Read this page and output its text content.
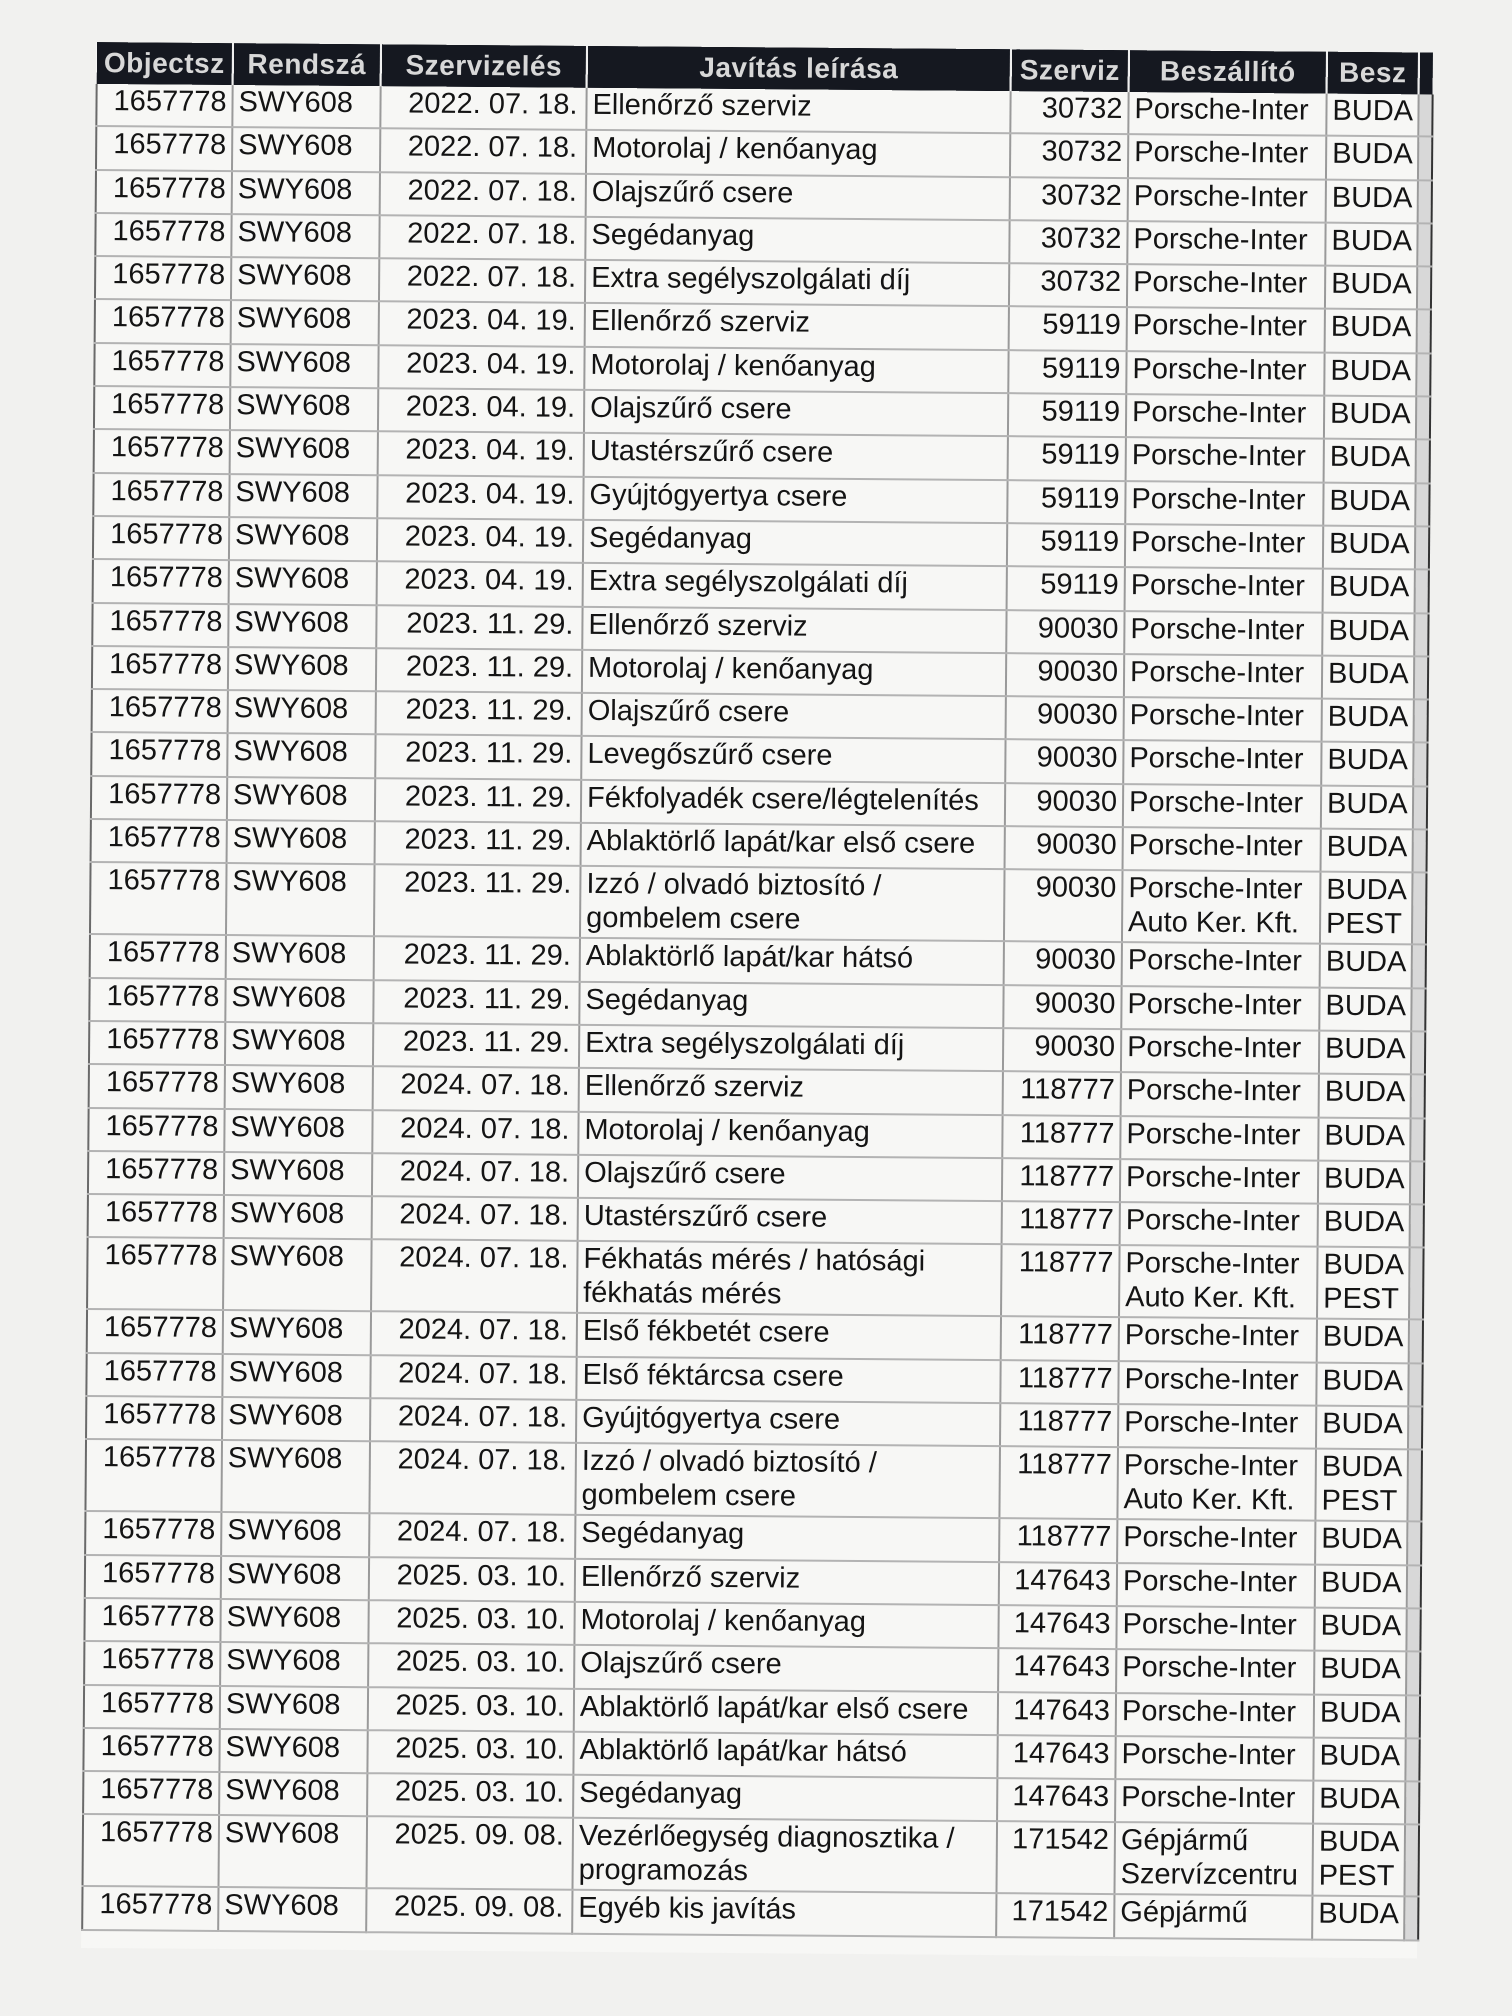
Objectsz	Rendszá	Szervizelés	Javítás leírása	Szerviz	Beszállító	Besz	
1657778	SWY608	2022. 07. 18.	Ellenőrző szerviz	30732	Porsche-Inter	BUDA	
1657778	SWY608	2022. 07. 18.	Motorolaj / kenőanyag	30732	Porsche-Inter	BUDA	
1657778	SWY608	2022. 07. 18.	Olajszűrő csere	30732	Porsche-Inter	BUDA	
1657778	SWY608	2022. 07. 18.	Segédanyag	30732	Porsche-Inter	BUDA	
1657778	SWY608	2022. 07. 18.	Extra segélyszolgálati díj	30732	Porsche-Inter	BUDA	
1657778	SWY608	2023. 04. 19.	Ellenőrző szerviz	59119	Porsche-Inter	BUDA	
1657778	SWY608	2023. 04. 19.	Motorolaj / kenőanyag	59119	Porsche-Inter	BUDA	
1657778	SWY608	2023. 04. 19.	Olajszűrő csere	59119	Porsche-Inter	BUDA	
1657778	SWY608	2023. 04. 19.	Utastérszűrő csere	59119	Porsche-Inter	BUDA	
1657778	SWY608	2023. 04. 19.	Gyújtógyertya csere	59119	Porsche-Inter	BUDA	
1657778	SWY608	2023. 04. 19.	Segédanyag	59119	Porsche-Inter	BUDA	
1657778	SWY608	2023. 04. 19.	Extra segélyszolgálati díj	59119	Porsche-Inter	BUDA	
1657778	SWY608	2023. 11. 29.	Ellenőrző szerviz	90030	Porsche-Inter	BUDA	
1657778	SWY608	2023. 11. 29.	Motorolaj / kenőanyag	90030	Porsche-Inter	BUDA	
1657778	SWY608	2023. 11. 29.	Olajszűrő csere	90030	Porsche-Inter	BUDA	
1657778	SWY608	2023. 11. 29.	Levegőszűrő csere	90030	Porsche-Inter	BUDA	
1657778	SWY608	2023. 11. 29.	Fékfolyadék csere/légtelenítés	90030	Porsche-Inter	BUDA	
1657778	SWY608	2023. 11. 29.	Ablaktörlő lapát/kar első csere	90030	Porsche-Inter	BUDA	
1657778	SWY608	2023. 11. 29.	Izzó / olvadó biztosító / gombelem csere	90030	Porsche-Inter Auto Ker. Kft.	BUDA PEST	
1657778	SWY608	2023. 11. 29.	Ablaktörlő lapát/kar hátsó	90030	Porsche-Inter	BUDA	
1657778	SWY608	2023. 11. 29.	Segédanyag	90030	Porsche-Inter	BUDA	
1657778	SWY608	2023. 11. 29.	Extra segélyszolgálati díj	90030	Porsche-Inter	BUDA	
1657778	SWY608	2024. 07. 18.	Ellenőrző szerviz	118777	Porsche-Inter	BUDA	
1657778	SWY608	2024. 07. 18.	Motorolaj / kenőanyag	118777	Porsche-Inter	BUDA	
1657778	SWY608	2024. 07. 18.	Olajszűrő csere	118777	Porsche-Inter	BUDA	
1657778	SWY608	2024. 07. 18.	Utastérszűrő csere	118777	Porsche-Inter	BUDA	
1657778	SWY608	2024. 07. 18.	Fékhatás mérés / hatósági fékhatás mérés	118777	Porsche-Inter Auto Ker. Kft.	BUDA PEST	
1657778	SWY608	2024. 07. 18.	Első fékbetét csere	118777	Porsche-Inter	BUDA	
1657778	SWY608	2024. 07. 18.	Első féktárcsa csere	118777	Porsche-Inter	BUDA	
1657778	SWY608	2024. 07. 18.	Gyújtógyertya csere	118777	Porsche-Inter	BUDA	
1657778	SWY608	2024. 07. 18.	Izzó / olvadó biztosító / gombelem csere	118777	Porsche-Inter Auto Ker. Kft.	BUDA PEST	
1657778	SWY608	2024. 07. 18.	Segédanyag	118777	Porsche-Inter	BUDA	
1657778	SWY608	2025. 03. 10.	Ellenőrző szerviz	147643	Porsche-Inter	BUDA	
1657778	SWY608	2025. 03. 10.	Motorolaj / kenőanyag	147643	Porsche-Inter	BUDA	
1657778	SWY608	2025. 03. 10.	Olajszűrő csere	147643	Porsche-Inter	BUDA	
1657778	SWY608	2025. 03. 10.	Ablaktörlő lapát/kar első csere	147643	Porsche-Inter	BUDA	
1657778	SWY608	2025. 03. 10.	Ablaktörlő lapát/kar hátsó	147643	Porsche-Inter	BUDA	
1657778	SWY608	2025. 03. 10.	Segédanyag	147643	Porsche-Inter	BUDA	
1657778	SWY608	2025. 09. 08.	Vezérlőegység diagnosztika / programozás	171542	Gépjármű Szervízcentru	BUDA PEST	
1657778	SWY608	2025. 09. 08.	Egyéb kis javítás	171542	Gépjármű	BUDA	
